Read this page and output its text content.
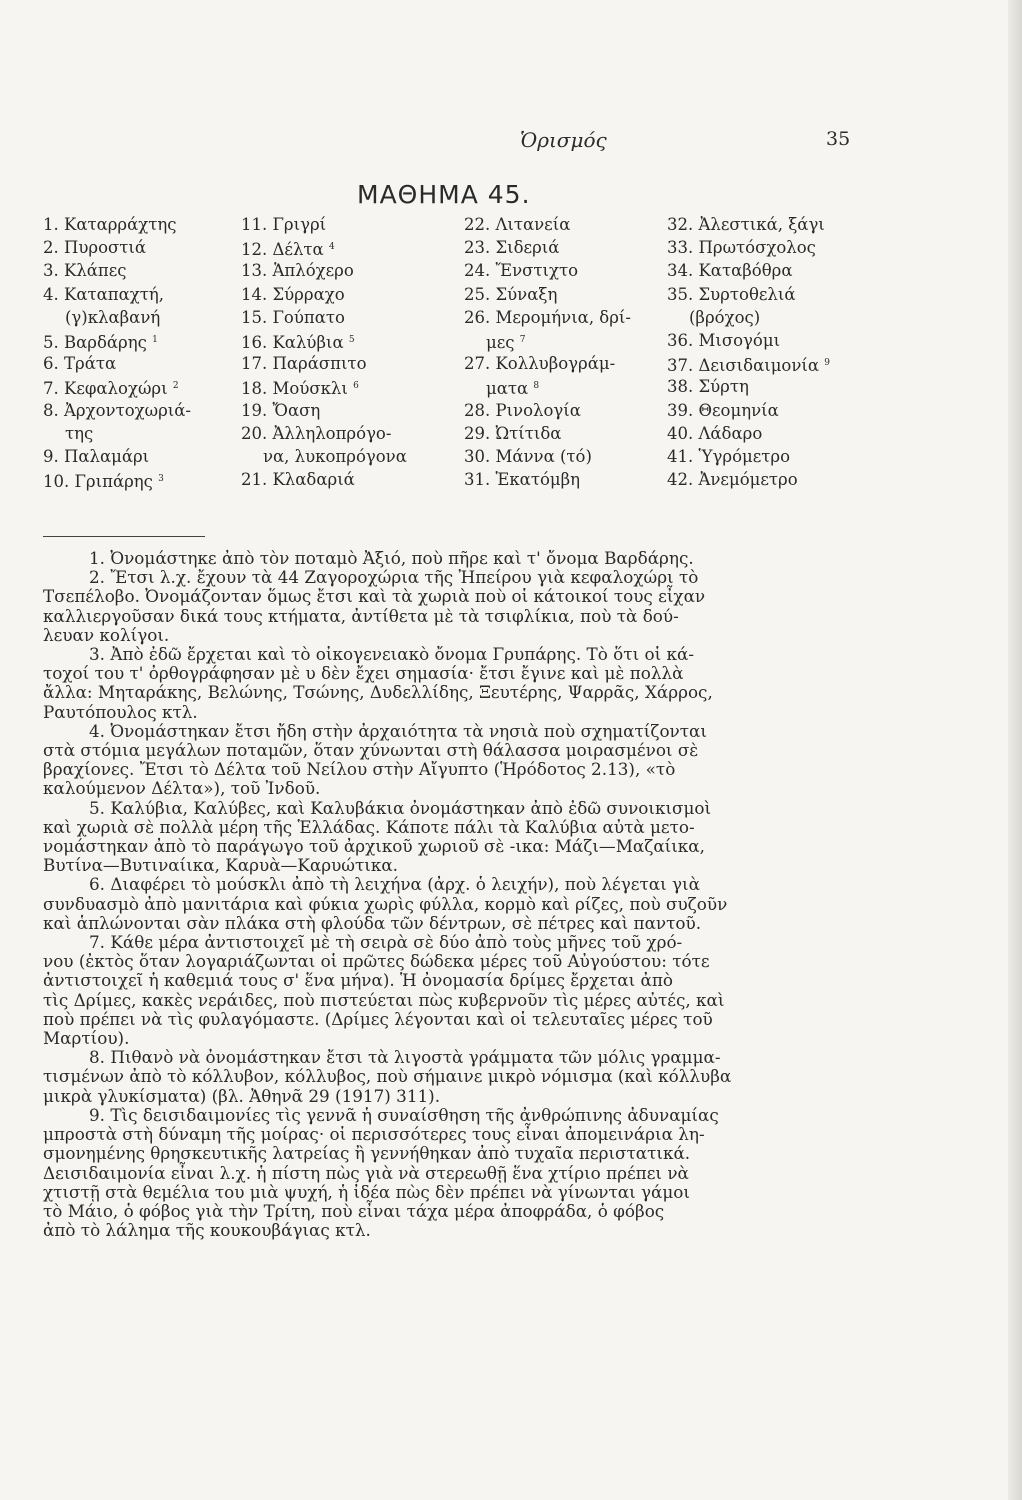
Ὁρισμός	35
ΜΑΘΗΜΑ 45.
1. Καταρράχτης
2. Πυροστιά
3. Κλάπες
4. Καταπαχτή,
(γ)κλαβανή
5. Βαρδάρης $^1$
6. Τράτα
7. Κεφαλοχώρι $^2$
8. Ἀρχοντοχωριά-
της
9. Παλαμάρι
10. Γριπάρης $^3$
11. Γριγρί
12. Δέλτα $^4$
13. Ἁπλόχερο
14. Σύρραχο
15. Γούπατο
16. Καλύβια $^5$
17. Παράσπιτο
18. Μούσκλι $^6$
19. Ὄαση
20. Ἀλληλοπρόγο-
να, λυκοπρόγονα
21. Κλαδαριά
22. Λιτανεία
23. Σιδεριά
24. Ἔνστιχτο
25. Σύναξη
26. Μερομήνια, δρί-
μες $^7$
27. Κολλυβογράμ-
ματα $^8$
28. Ρινολογία
29. Ὠτίτιδα
30. Μάννα (τό)
31. Ἑκατόμβη
32. Ἀλεστικά, ξάγι
33. Πρωτόσχολος
34. Καταβόθρα
35. Συρτοθελιά
(βρόχος)
36. Μισογόμι
37. Δεισιδαιμονία $^9$
38. Σύρτη
39. Θεομηνία
40. Λάδαρο
41. Ὑγρόμετρο
42. Ἀνεμόμετρο
1. Ὀνομάστηκε ἀπὸ τὸν ποταμὸ Ἀξιό, ποὺ πῆρε καὶ τ' ὄνομα Βαρδάρης.
2. Ἔτσι λ.χ. ἔχουν τὰ 44 Ζαγοροχώρια τῆς Ἠπείρου γιὰ κεφαλοχώρι τὸ
Τσεπέλοβο. Ὀνομάζονταν ὅμως ἔτσι καὶ τὰ χωριὰ ποὺ οἱ κάτοικοί τους εἶχαν
καλλιεργοῦσαν δικά τους κτήματα, ἀντίθετα μὲ τὰ τσιφλίκια, ποὺ τὰ δού-
λευαν κολίγοι.
3. Ἀπὸ ἐδῶ ἔρχεται καὶ τὸ οἰκογενειακὸ ὄνομα Γρυπάρης. Τὸ ὅτι οἱ κά-
τοχοί του τ' ὀρθογράφησαν μὲ υ δὲν ἔχει σημασία· ἔτσι ἔγινε καὶ μὲ πολλὰ
ἄλλα: Μηταράκης, Βελώνης, Τσώνης, Δυδελλίδης, Ξευτέρης, Ψαρρᾶς, Χάρρος,
Ραυτόπουλος κτλ.
4. Ὀνομάστηκαν ἔτσι ἤδη στὴν ἀρχαιότητα τὰ νησιὰ ποὺ σχηματίζονται
στὰ στόμια μεγάλων ποταμῶν, ὅταν χύνωνται στὴ θάλασσα μοιρασμένοι σὲ
βραχίονες. Ἔτσι τὸ Δέλτα τοῦ Νείλου στὴν Αἴγυπτο (Ἡρόδοτος 2.13), «τὸ
καλούμενον Δέλτα»), τοῦ Ἰνδοῦ.
5. Καλύβια, Καλύβες, καὶ Καλυβάκια ὀνομάστηκαν ἀπὸ ἐδῶ συνοικισμοὶ
καὶ χωριὰ σὲ πολλὰ μέρη τῆς Ἑλλάδας. Κάποτε πάλι τὰ Καλύβια αὐτὰ μετο-
νομάστηκαν ἀπὸ τὸ παράγωγο τοῦ ἀρχικοῦ χωριοῦ σὲ -ικα: Μάζι—Μαζαίικα,
Βυτίνα—Βυτιναίικα, Καρυὰ—Καρυώτικα.
6. Διαφέρει τὸ μούσκλι ἀπὸ τὴ λειχήνα (ἀρχ. ὁ λειχήν), ποὺ λέγεται γιὰ
συνδυασμὸ ἀπὸ μανιτάρια καὶ φύκια χωρὶς φύλλα, κορμὸ καὶ ρίζες, ποὺ συζοῦν
καὶ ἁπλώνονται σὰν πλάκα στὴ φλούδα τῶν δέντρων, σὲ πέτρες καὶ παντοῦ.
7. Κάθε μέρα ἀντιστοιχεῖ μὲ τὴ σειρὰ σὲ δύο ἀπὸ τοὺς μῆνες τοῦ χρό-
νου (ἐκτὸς ὅταν λογαριάζωνται οἱ πρῶτες δώδεκα μέρες τοῦ Αὐγούστου: τότε
ἀντιστοιχεῖ ἡ καθεμιά τους σ' ἕνα μήνα). Ἡ ὀνομασία δρίμες ἔρχεται ἀπὸ
τὶς Δρίμες, κακὲς νεράιδες, ποὺ πιστεύεται πὼς κυβερνοῦν τὶς μέρες αὐτές, καὶ
ποὺ πρέπει νὰ τὶς φυλαγόμαστε. (Δρίμες λέγονται καὶ οἱ τελευταῖες μέρες τοῦ
Μαρτίου).
8. Πιθανὸ νὰ ὀνομάστηκαν ἔτσι τὰ λιγοστὰ γράμματα τῶν μόλις γραμμα-
τισμένων ἀπὸ τὸ κόλλυβον, κόλλυβος, ποὺ σήμαινε μικρὸ νόμισμα (καὶ κόλλυβα
μικρὰ γλυκίσματα) (βλ. Ἀθηνᾶ 29 (1917) 311).
9. Τὶς δεισιδαιμονίες τὶς γεννᾶ ἡ συναίσθηση τῆς ἀνθρώπινης ἀδυναμίας
μπροστὰ στὴ δύναμη τῆς μοίρας· οἱ περισσότερες τους εἶναι ἀπομεινάρια λη-
σμονημένης θρησκευτικῆς λατρείας ἢ γεννήθηκαν ἀπὸ τυχαῖα περιστατικά.
Δεισιδαιμονία εἶναι λ.χ. ἡ πίστη πὼς γιὰ νὰ στερεωθῇ ἕνα χτίριο πρέπει νὰ
χτιστῇ στὰ θεμέλια του μιὰ ψυχή, ἡ ἰδέα πὼς δὲν πρέπει νὰ γίνωνται γάμοι
τὸ Μάιο, ὁ φόβος γιὰ τὴν Τρίτη, ποὺ εἶναι τάχα μέρα ἀποφράδα, ὁ φόβος
ἀπὸ τὸ λάλημα τῆς κουκουβάγιας κτλ.
